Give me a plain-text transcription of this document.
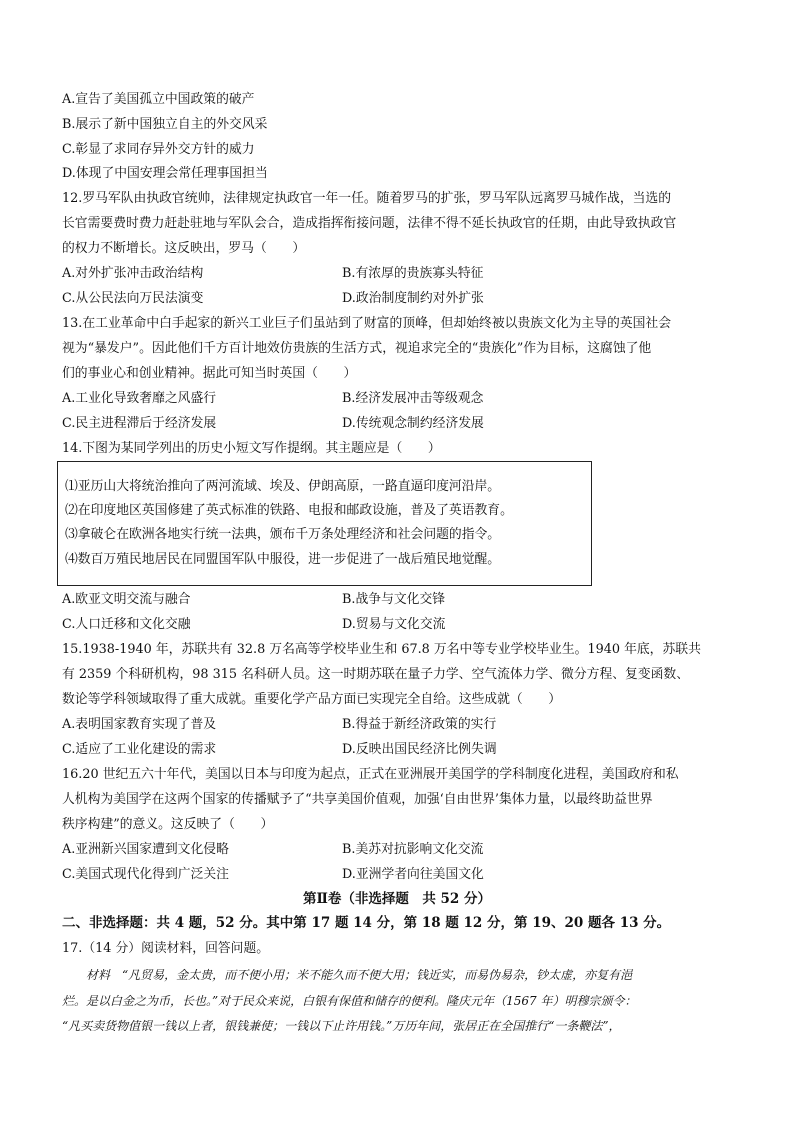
A.宣告了美国孤立中国政策的破产
B.展示了新中国独立自主的外交风采
C.彰显了求同存异外交方针的威力
D.体现了中国安理会常任理事国担当
12.罗马军队由执政官统帅，法律规定执政官一年一任。随着罗马的扩张，罗马军队远离罗马城作战，当选的
长官需要费时费力赶赴驻地与军队会合，造成指挥衔接问题，法律不得不延长执政官的任期，由此导致执政官
的权力不断增长。这反映出，罗马（　　）
A.对外扩张冲击政治结构	B.有浓厚的贵族寡头特征
C.从公民法向万民法演变	D.政治制度制约对外扩张
13.在工业革命中白手起家的新兴工业巨子们虽站到了财富的顶峰，但却始终被以贵族文化为主导的英国社会
视为“暴发户”。因此他们千方百计地效仿贵族的生活方式，视追求完全的“贵族化”作为目标，这腐蚀了他
们的事业心和创业精神。据此可知当时英国（　　）
A.工业化导致奢靡之风盛行	B.经济发展冲击等级观念
C.民主进程滞后于经济发展	D.传统观念制约经济发展
14.下图为某同学列出的历史小短文写作提纲。其主题应是（　　）
⑴亚历山大将统治推向了两河流域、埃及、伊朗高原，一路直逼印度河沿岸。
⑵在印度地区英国修建了英式标准的铁路、电报和邮政设施，普及了英语教育。
⑶拿破仑在欧洲各地实行统一法典，颁布千万条处理经济和社会问题的指令。
⑷数百万殖民地居民在同盟国军队中服役，进一步促进了一战后殖民地觉醒。
A.欧亚文明交流与融合	B.战争与文化交锋
C.人口迁移和文化交融	D.贸易与文化交流
15.1938-1940 年，苏联共有 32.8 万名高等学校毕业生和 67.8 万名中等专业学校毕业生。1940 年底，苏联共
有 2359 个科研机构，98 315 名科研人员。这一时期苏联在量子力学、空气流体力学、微分方程、复变函数、
数论等学科领域取得了重大成就。重要化学产品方面已实现完全自给。这些成就（　　）
A.表明国家教育实现了普及	B.得益于新经济政策的实行
C.适应了工业化建设的需求	D.反映出国民经济比例失调
16.20 世纪五六十年代，美国以日本与印度为起点，正式在亚洲展开美国学的学科制度化进程，美国政府和私
人机构为美国学在这两个国家的传播赋予了“共享美国价值观，加强‘自由世界’集体力量，以最终助益世界
秩序构建”的意义。这反映了（　　）
A.亚洲新兴国家遭到文化侵略	B.美苏对抗影响文化交流
C.美国式现代化得到广泛关注	D.亚洲学者向往美国文化
第Ⅱ卷（非选择题　共 52 分）
二、非选择题：共 4 题，52 分。其中第 17 题 14 分，第 18 题 12 分，第 19、20 题各 13 分。
17.（14 分）阅读材料，回答问题。
　　材料　“凡贸易，金太贵，而不便小用；米不能久而不便大用；钱近实，而易伪易杂，钞太虚，亦复有浥
烂。是以白金之为币，长也。”对于民众来说，白银有保值和储存的便利。隆庆元年（1567 年）明穆宗颁令：
“凡买卖货物值银一钱以上者，银钱兼使；一钱以下止许用钱。”万历年间，张居正在全国推行“一条鞭法”，
